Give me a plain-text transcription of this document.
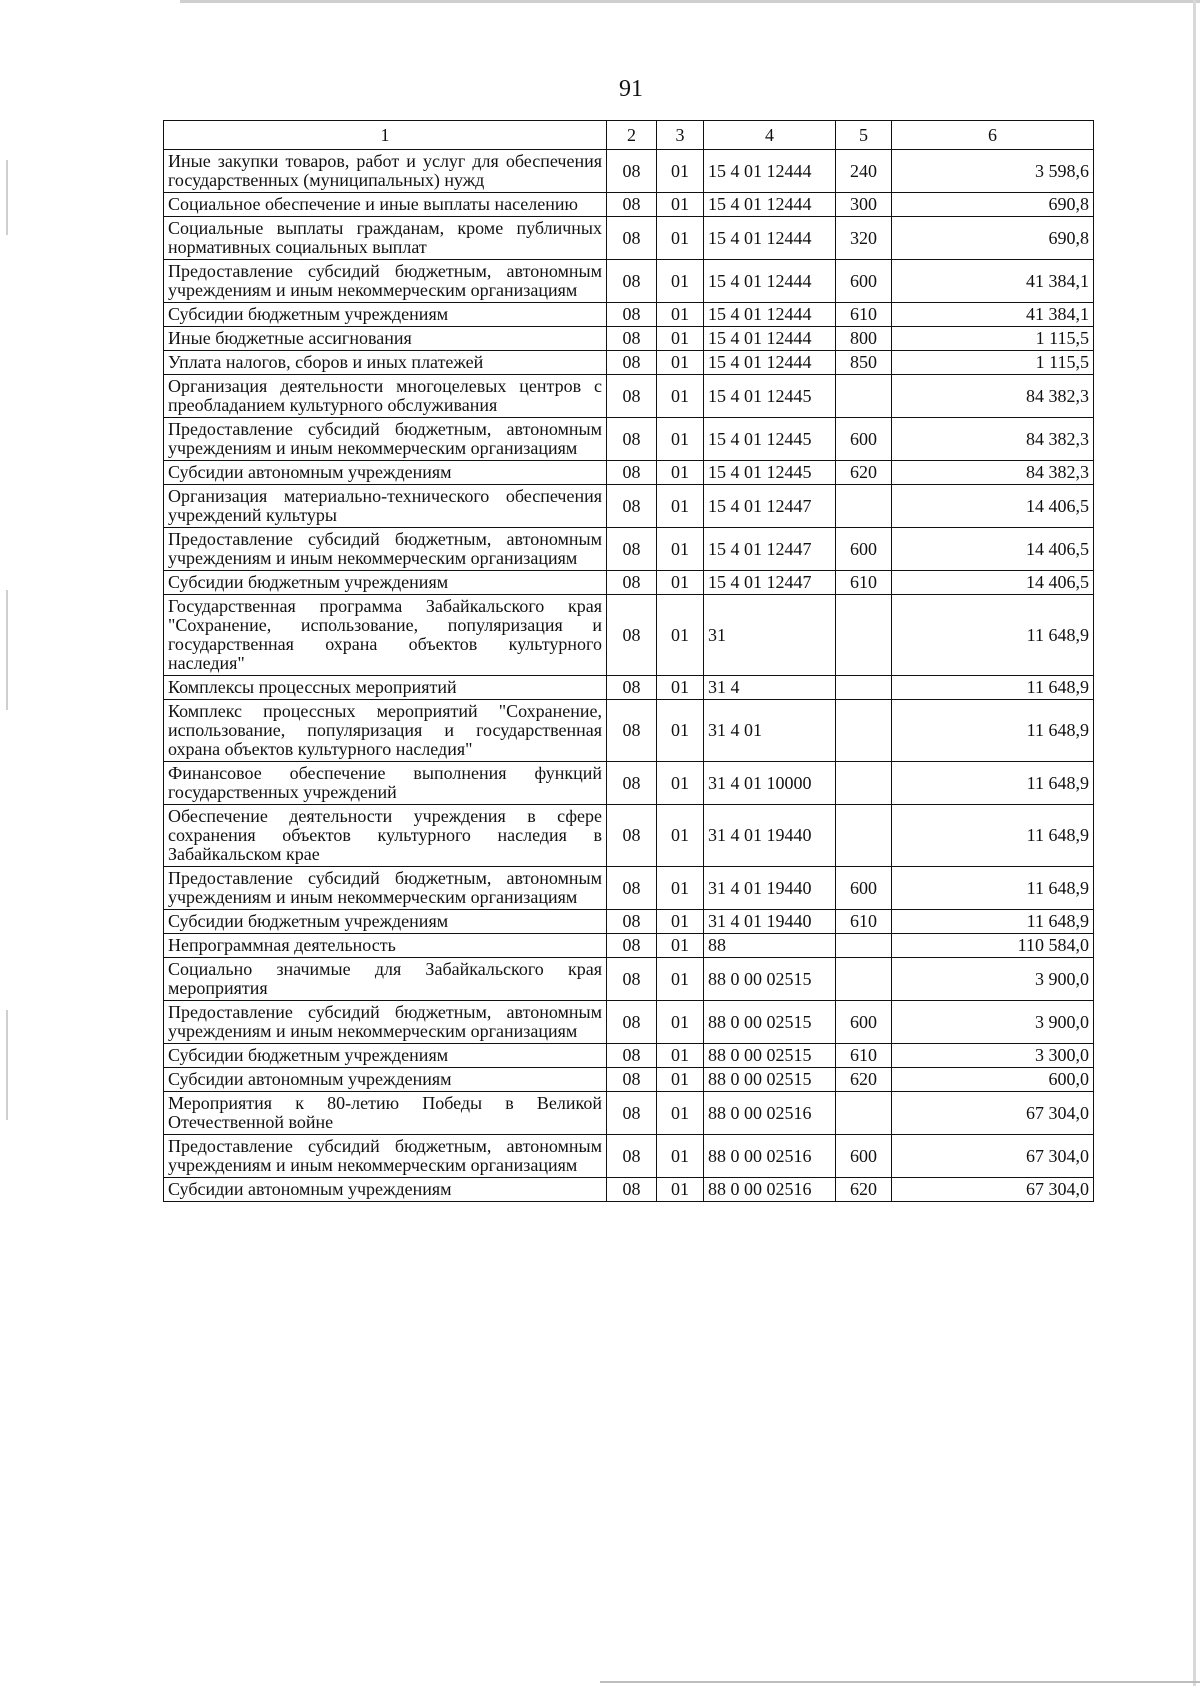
91
1	2	3	4	5	6
Иные закупки товаров, работ и услуг для обеспечения государственных (муниципальных) нужд	08	01	15 4 01 12444	240	3 598,6
Социальное обеспечение и иные выплаты населению	08	01	15 4 01 12444	300	690,8
Социальные выплаты гражданам, кроме публичных нормативных социальных выплат	08	01	15 4 01 12444	320	690,8
Предоставление субсидий бюджетным, автономным учреждениям и иным некоммерческим организациям	08	01	15 4 01 12444	600	41 384,1
Субсидии бюджетным учреждениям	08	01	15 4 01 12444	610	41 384,1
Иные бюджетные ассигнования	08	01	15 4 01 12444	800	1 115,5
Уплата налогов, сборов и иных платежей	08	01	15 4 01 12444	850	1 115,5
Организация деятельности многоцелевых центров с преобладанием культурного обслуживания	08	01	15 4 01 12445		84 382,3
Предоставление субсидий бюджетным, автономным учреждениям и иным некоммерческим организациям	08	01	15 4 01 12445	600	84 382,3
Субсидии автономным учреждениям	08	01	15 4 01 12445	620	84 382,3
Организация материально-технического обеспечения учреждений культуры	08	01	15 4 01 12447		14 406,5
Предоставление субсидий бюджетным, автономным учреждениям и иным некоммерческим организациям	08	01	15 4 01 12447	600	14 406,5
Субсидии бюджетным учреждениям	08	01	15 4 01 12447	610	14 406,5
Государственная программа Забайкальского края "Сохранение, использование, популяризация и государственная охрана объектов культурного наследия"	08	01	31		11 648,9
Комплексы процессных мероприятий	08	01	31 4		11 648,9
Комплекс процессных мероприятий "Сохранение, использование, популяризация и государственная охрана объектов культурного наследия"	08	01	31 4 01		11 648,9
Финансовое обеспечение выполнения функций государственных учреждений	08	01	31 4 01 10000		11 648,9
Обеспечение деятельности учреждения в сфере сохранения объектов культурного наследия в Забайкальском крае	08	01	31 4 01 19440		11 648,9
Предоставление субсидий бюджетным, автономным учреждениям и иным некоммерческим организациям	08	01	31 4 01 19440	600	11 648,9
Субсидии бюджетным учреждениям	08	01	31 4 01 19440	610	11 648,9
Непрограммная деятельность	08	01	88		110 584,0
Социально значимые для Забайкальского края мероприятия	08	01	88 0 00 02515		3 900,0
Предоставление субсидий бюджетным, автономным учреждениям и иным некоммерческим организациям	08	01	88 0 00 02515	600	3 900,0
Субсидии бюджетным учреждениям	08	01	88 0 00 02515	610	3 300,0
Субсидии автономным учреждениям	08	01	88 0 00 02515	620	600,0
Мероприятия к 80-летию Победы в Великой Отечественной войне	08	01	88 0 00 02516		67 304,0
Предоставление субсидий бюджетным, автономным учреждениям и иным некоммерческим организациям	08	01	88 0 00 02516	600	67 304,0
Субсидии автономным учреждениям	08	01	88 0 00 02516	620	67 304,0
